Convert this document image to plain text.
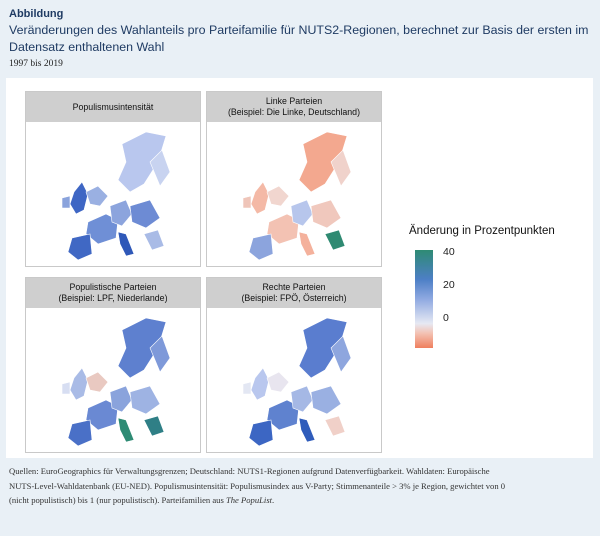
Abbildung
Veränderungen des Wahlanteils pro Parteifamilie für NUTS2-Regionen, berechnet zur Basis der ersten im Datensatz enthaltenen Wahl
1997 bis 2019
Populismusintensität
Linke Parteien
(Beispiel: Die Linke, Deutschland)
Populistische Parteien
(Beispiel: LPF, Niederlande)
Rechte Parteien
(Beispiel: FPÖ, Österreich)
Änderung in Prozentpunkten
40
20
0
Quellen: EuroGeographics für Verwaltungsgrenzen; Deutschland: NUTS1-Regionen aufgrund Datenverfügbarkeit. Wahldaten: Europäische
NUTS-Level-Wahldatenbank (EU-NED). Populismusintensität: Populismusindex aus V-Party; Stimmenanteile > 3% je Region, gewichtet von 0
(nicht populistisch) bis 1 (nur populistisch). Parteifamilien aus The PopuList.
